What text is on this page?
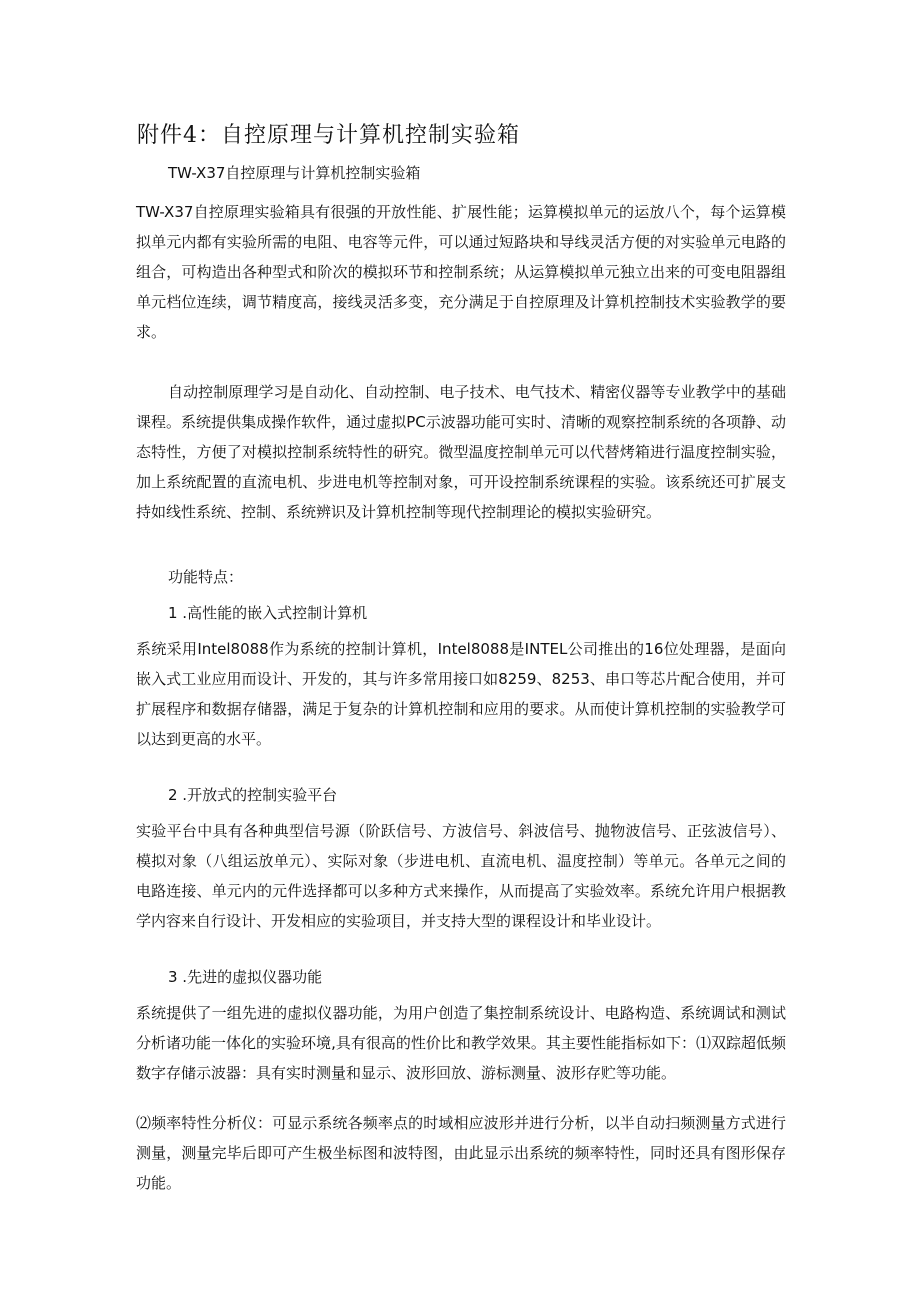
附件4：自控原理与计算机控制实验箱

TW-X37自控原理与计算机控制实验箱

TW-X37自控原理实验箱具有很强的开放性能、扩展性能；运算模拟单元的运放八个，每个运算模拟单元内都有实验所需的电阻、电容等元件，可以通过短路块和导线灵活方便的对实验单元电路的组合，可构造出各种型式和阶次的模拟环节和控制系统；从运算模拟单元独立出来的可变电阻器组单元档位连续，调节精度高，接线灵活多变，充分满足于自控原理及计算机控制技术实验教学的要求。

自动控制原理学习是自动化、自动控制、电子技术、电气技术、精密仪器等专业教学中的基础课程。系统提供集成操作软件，通过虚拟PC示波器功能可实时、清晰的观察控制系统的各项静、动态特性，方便了对模拟控制系统特性的研究。微型温度控制单元可以代替烤箱进行温度控制实验，加上系统配置的直流电机、步进电机等控制对象，可开设控制系统课程的实验。该系统还可扩展支持如线性系统、控制、系统辨识及计算机控制等现代控制理论的模拟实验研究。

功能特点：

1 .高性能的嵌入式控制计算机

系统采用Intel8088作为系统的控制计算机，Intel8088是INTEL公司推出的16位处理器，是面向嵌入式工业应用而设计、开发的，其与许多常用接口如8259、8253、串口等芯片配合使用，并可扩展程序和数据存储器，满足于复杂的计算机控制和应用的要求。从而使计算机控制的实验教学可以达到更高的水平。

2 .开放式的控制实验平台

实验平台中具有各种典型信号源（阶跃信号、方波信号、斜波信号、抛物波信号、正弦波信号）、模拟对象（八组运放单元）、实际对象（步进电机、直流电机、温度控制）等单元。各单元之间的电路连接、单元内的元件选择都可以多种方式来操作，从而提高了实验效率。系统允许用户根据教学内容来自行设计、开发相应的实验项目，并支持大型的课程设计和毕业设计。

3 .先进的虚拟仪器功能

系统提供了一组先进的虚拟仪器功能，为用户创造了集控制系统设计、电路构造、系统调试和测试分析诸功能一体化的实验环境,具有很高的性价比和教学效果。其主要性能指标如下：⑴双踪超低频数字存储示波器：具有实时测量和显示、波形回放、游标测量、波形存贮等功能。

⑵频率特性分析仪：可显示系统各频率点的时域相应波形并进行分析，以半自动扫频测量方式进行测量，测量完毕后即可产生极坐标图和波特图，由此显示出系统的频率特性，同时还具有图形保存功能。
